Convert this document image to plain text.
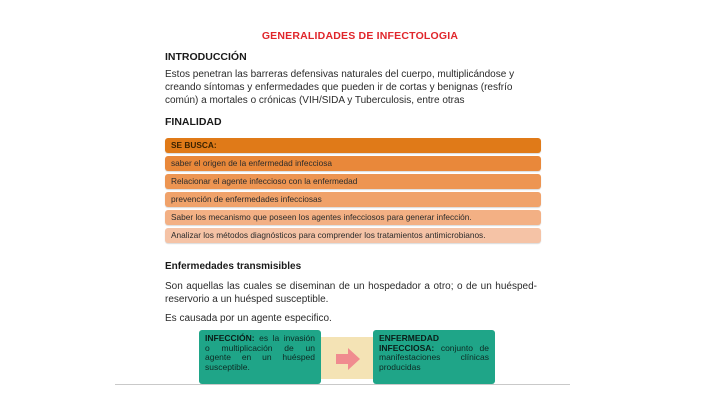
GENERALIDADES DE INFECTOLOGIA
INTRODUCCIÓN
Estos penetran las barreras defensivas naturales del cuerpo, multiplicándose y creando síntomas y enfermedades que pueden ir de cortas y benignas (resfrío común) a mortales o crónicas (VIH/SIDA y Tuberculosis, entre otras
FINALIDAD
SE BUSCA:
saber el origen de la enfermedad infecciosa
Relacionar el agente infeccioso con la enfermedad
prevención de enfermedades infecciosas
Saber los mecanismo que poseen los agentes infecciosos para generar infección.
Analizar los métodos diagnósticos para comprender los tratamientos antimicrobianos.
Enfermedades transmisibles
Son aquellas las cuales se diseminan de un hospedador a otro; o de un huésped-reservorio a un huésped susceptible.
Es causada por un agente especifico.
INFECCIÓN: es la invasión o multiplicación de un agente en un huésped susceptible.
ENFERMEDAD INFECCIOSA: conjunto de manifestaciones clínicas producidas
